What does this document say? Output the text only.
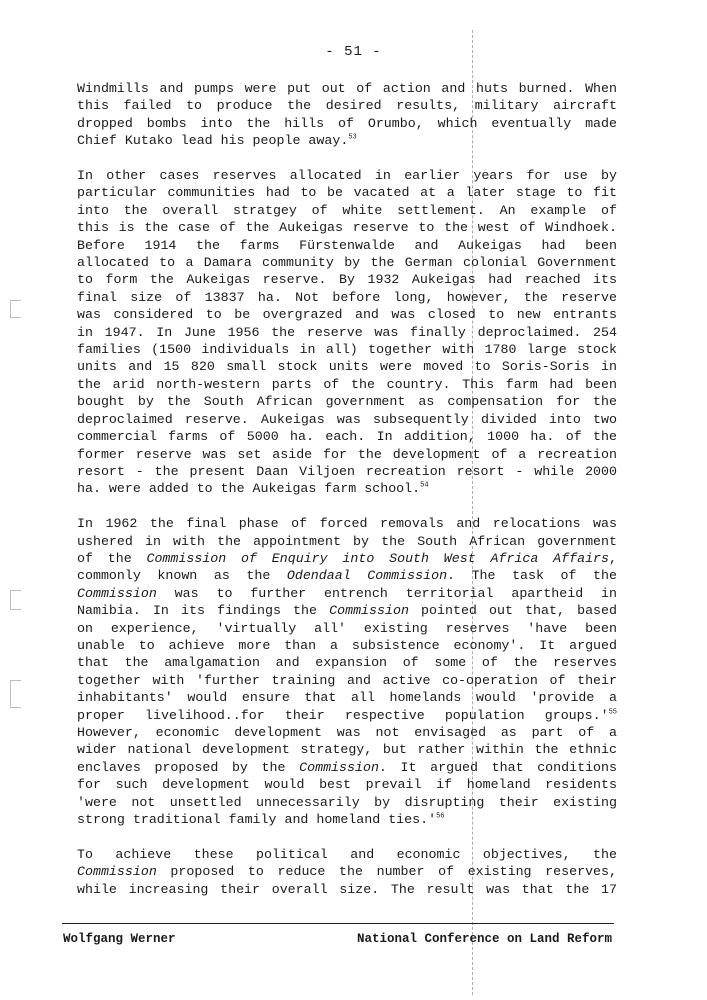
- 51 -
Windmills and pumps were put out of action and huts burned. When
this failed to produce the desired results, military aircraft
dropped bombs into the hills of Orumbo, which eventually made
Chief Kutako lead his people away.$^{53}$
In other cases reserves allocated in earlier years for use by
particular communities had to be vacated at a later stage to fit
into the overall stratgey of white settlement. An example of
this is the case of the Aukeigas reserve to the west of Windhoek.
Before 1914 the farms Fürstenwalde and Aukeigas had been
allocated to a Damara community by the German colonial Government
to form the Aukeigas reserve. By 1932 Aukeigas had reached its
final size of 13837 ha. Not before long, however, the reserve
was considered to be overgrazed and was closed to new entrants
in 1947. In June 1956 the reserve was finally deproclaimed. 254
families (1500 individuals in all) together with 1780 large stock
units and 15 820 small stock units were moved to Soris-Soris in
the arid north-western parts of the country. This farm had been
bought by the South African government as compensation for the
deproclaimed reserve. Aukeigas was subsequently divided into two
commercial farms of 5000 ha. each. In addition, 1000 ha. of the
former reserve was set aside for the development of a recreation
resort - the present Daan Viljoen recreation resort - while 2000
ha. were added to the Aukeigas farm school.$^{54}$
In 1962 the final phase of forced removals and relocations was
ushered in with the appointment by the South African government
of the Commission of Enquiry into South West Africa Affairs,
commonly known as the Odendaal Commission. The task of the
Commission was to further entrench territorial apartheid in
Namibia. In its findings the Commission pointed out that, based
on experience, 'virtually all' existing reserves 'have been
unable to achieve more than a subsistence economy'. It argued
that the amalgamation and expansion of some of the reserves
together with 'further training and active co-operation of their
inhabitants' would ensure that all homelands would 'provide a
proper livelihood..for their respective population $groups.'^{55}$
However, economic development was not envisaged as part of a
wider national development strategy, but rather within the ethnic
enclaves proposed by the Commission. It argued that conditions
for such development would best prevail if homeland residents
'were not unsettled unnecessarily by disrupting their existing
strong traditional family and homeland $ties.'^{56}$
To achieve these political and economic objectives, the
Commission proposed to reduce the number of existing reserves,
while increasing their overall size. The result was that the 17
Wolfgang Werner	National Conference on Land Reform
